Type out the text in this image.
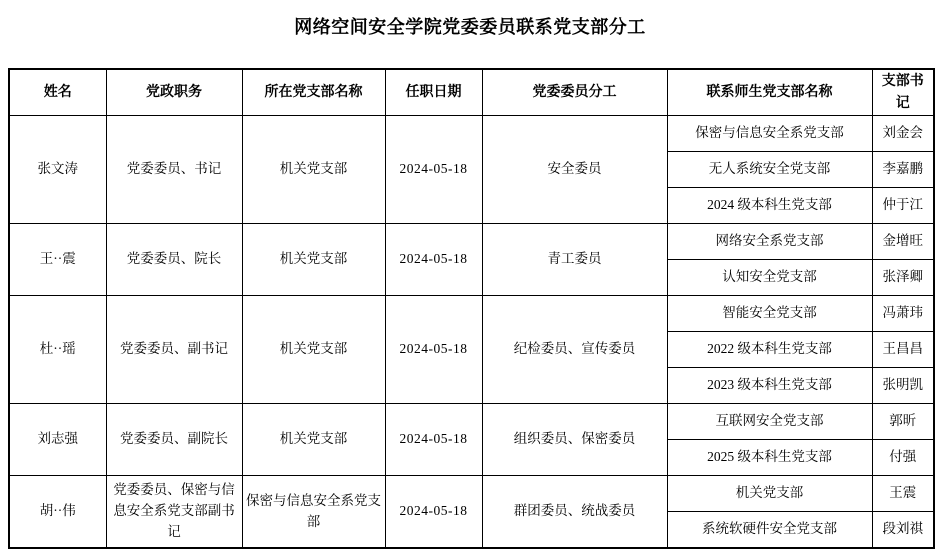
网络空间安全学院党委委员联系党支部分工
姓名	党政职务	所在党支部名称	任职日期	党委委员分工	联系师生党支部名称	支部书记
张文涛	党委委员、书记	机关党支部	2024-05-18	安全委员	保密与信息安全系党支部	刘金会
					无人系统安全党支部	李嘉鹏
					2024 级本科生党支部	仲于江
王··震	党委委员、院长	机关党支部	2024-05-18	青工委员	网络安全系党支部	金增旺
					认知安全党支部	张泽卿
杜··瑶	党委委员、副书记	机关党支部	2024-05-18	纪检委员、宣传委员	智能安全党支部	冯萧玮
					2022 级本科生党支部	王昌昌
					2023 级本科生党支部	张明凯
刘志强	党委委员、副院长	机关党支部	2024-05-18	组织委员、保密委员	互联网安全党支部	郭昕
					2025 级本科生党支部	付强
胡··伟	党委委员、保密与信息安全系党支部副书记	保密与信息安全系党支部	2024-05-18	群团委员、统战委员	机关党支部	王震
					系统软硬件安全党支部	段刘祺
